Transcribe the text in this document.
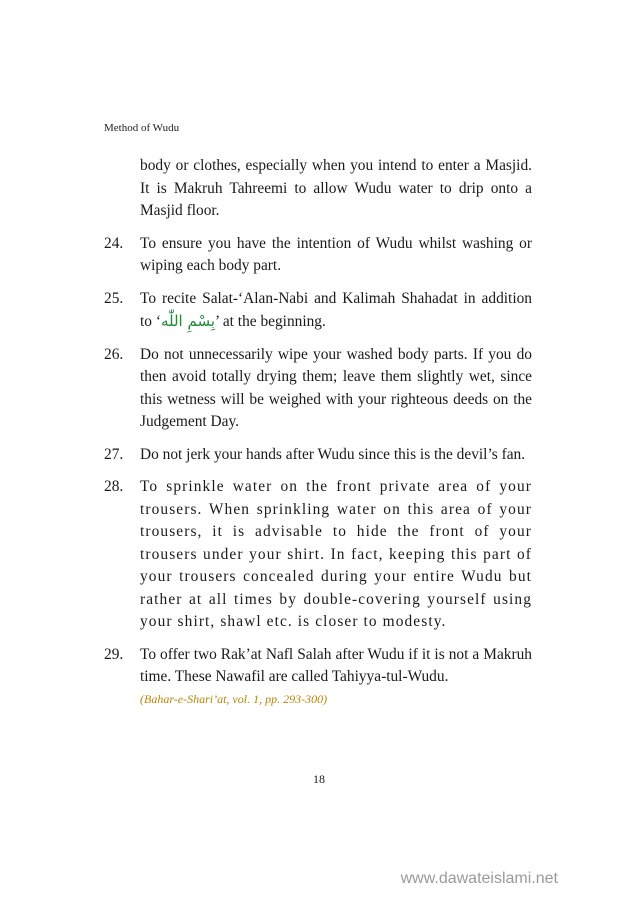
Method of Wudu

body or clothes, especially when you intend to enter a Masjid. It is Makruh Tahreemi to allow Wudu water to drip onto a Masjid floor.

24.	To ensure you have the intention of Wudu whilst washing or wiping each body part.
25.	To recite Salat-‘Alan-Nabi and Kalimah Shahadat in addition to ‘بِسْمِ اللّٰه’ at the beginning.
26.	Do not unnecessarily wipe your washed body parts. If you do then avoid totally drying them; leave them slightly wet, since this wetness will be weighed with your righteous deeds on the Judgement Day.
27.	Do not jerk your hands after Wudu since this is the devil’s fan.
28.	To sprinkle water on the front private area of your trousers. When sprinkling water on this area of your trousers, it is advisable to hide the front of your trousers under your shirt. In fact, keeping this part of your trousers concealed during your entire Wudu but rather at all times by double-covering yourself using your shirt, shawl etc. is closer to modesty.
29.	To offer two Rak’at Nafl Salah after Wudu if it is not a Makruh time. These Nawafil are called Tahiyya-tul-Wudu.
(Bahar-e-Shari’at, vol. 1, pp. 293-300)
18
www.dawateislami.net
